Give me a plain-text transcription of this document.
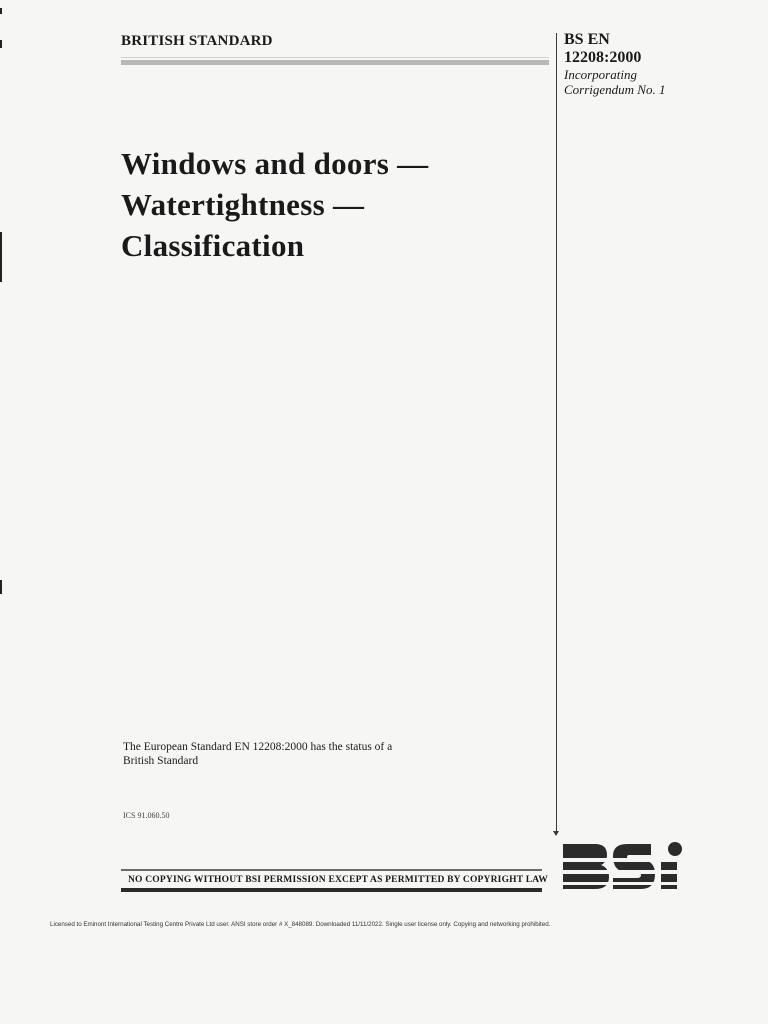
BRITISH STANDARD	BS EN
12208:2000
Incorporating
Corrigendum No. 1
Windows and doors —
Watertightness —
Classification
The European Standard EN 12208:2000 has the status of a
British Standard
ICS 91.060.50
NO COPYING WITHOUT BSI PERMISSION EXCEPT AS PERMITTED BY COPYRIGHT LAW
Licensed to Eminont International Testing Centre Private Ltd user. ANSI store order # X_848089. Downloaded 11/11/2022. Single user license only. Copying and networking prohibited.
